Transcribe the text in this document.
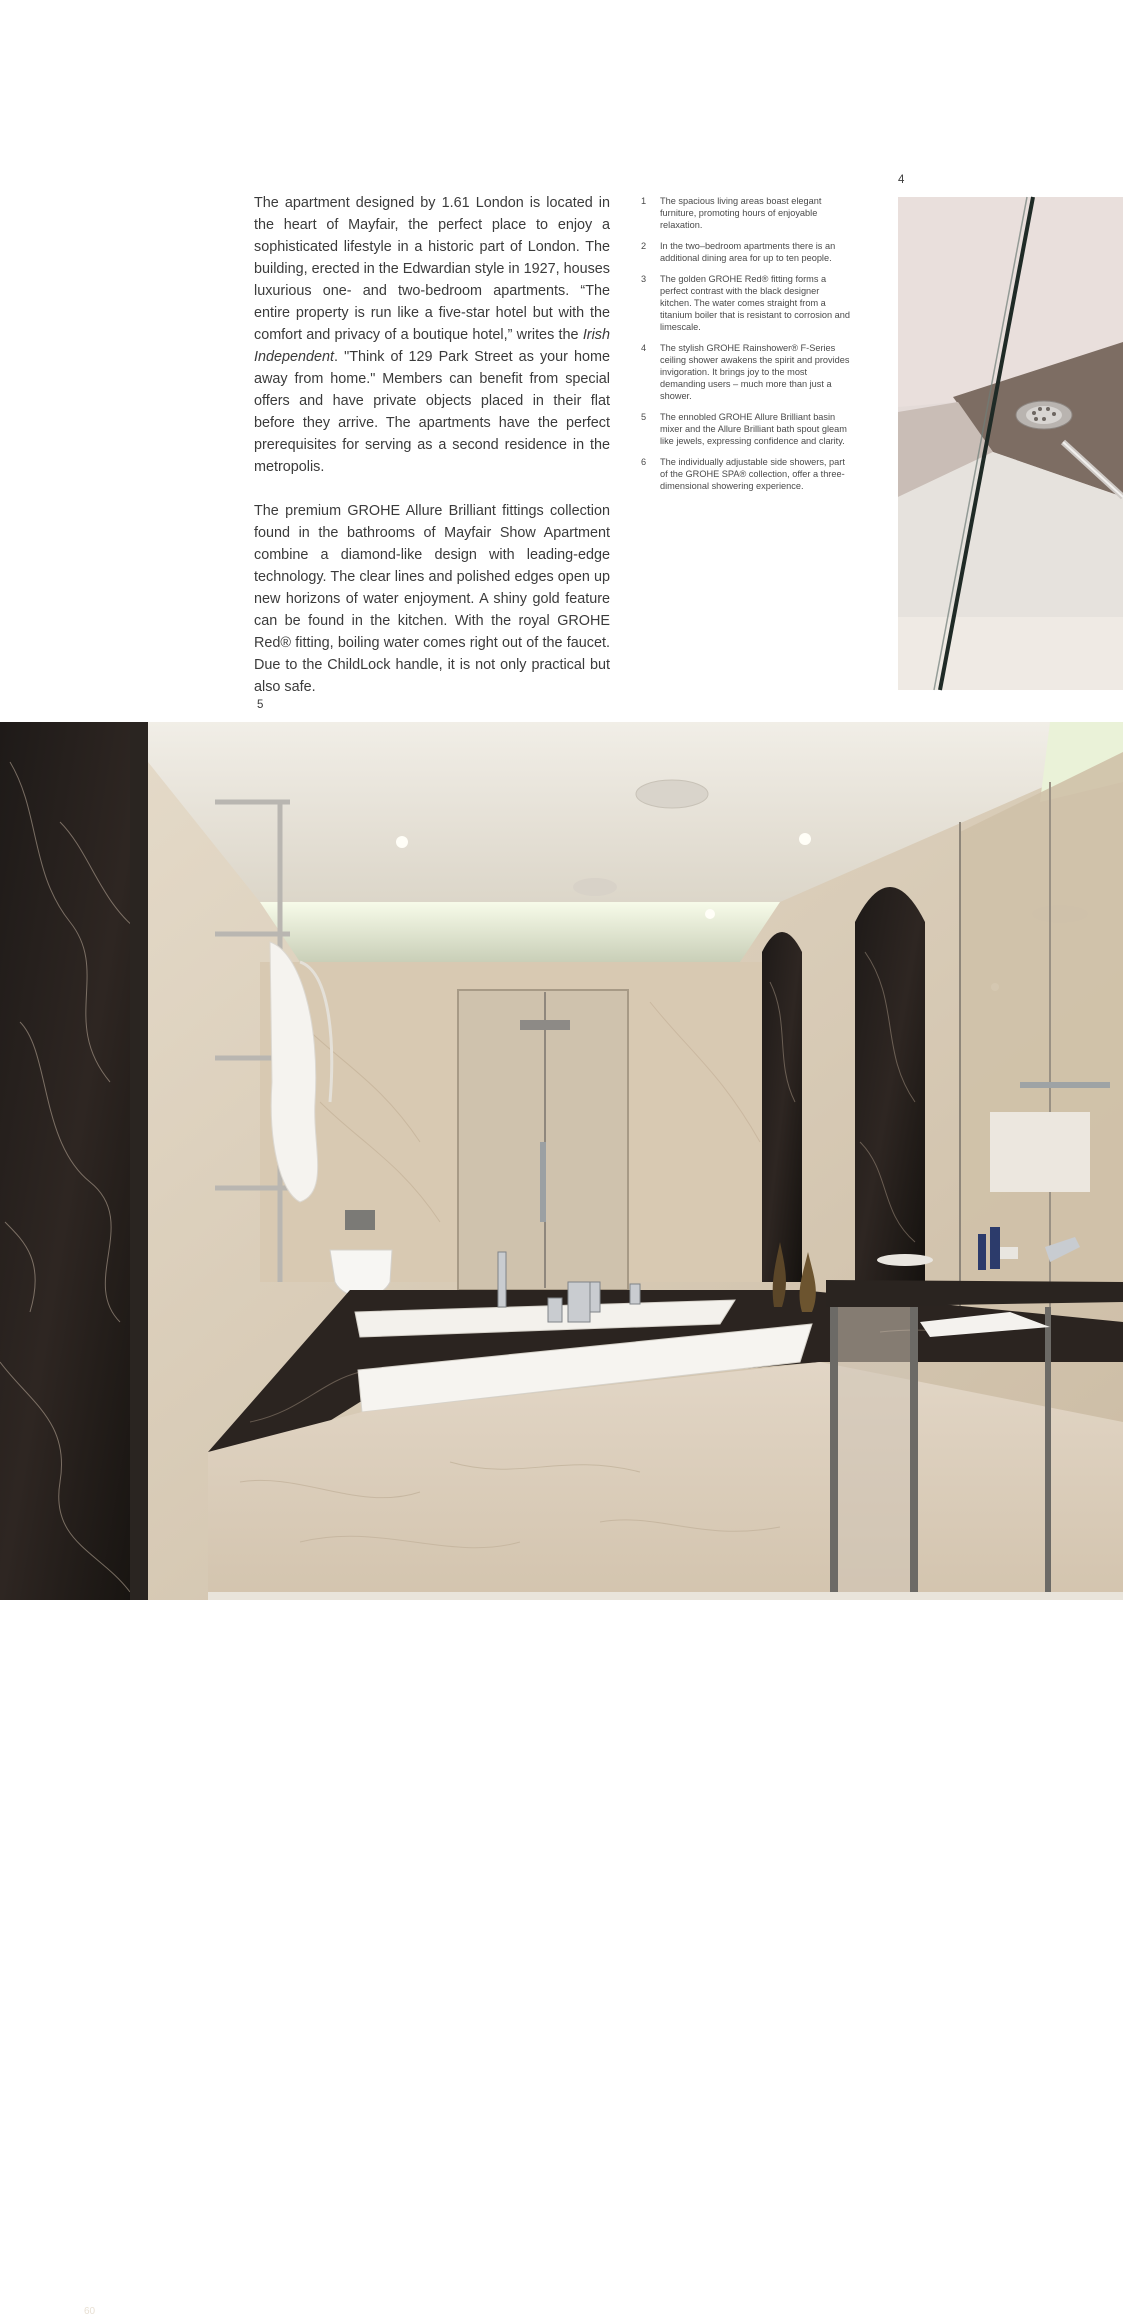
4

The apartment designed by 1.61 London is located in the heart of Mayfair, the perfect place to enjoy a sophisticated lifestyle in a historic part of London. The building, erected in the Edwardian style in 1927, houses luxurious one- and two-bedroom apartments. “The entire property is run like a five-star hotel but with the comfort and privacy of a boutique hotel,” writes the Irish Independent. "Think of 129 Park Street as your home away from home." Members can benefit from special offers and have private objects placed in their flat before they arrive. The apartments have the perfect prerequisites for serving as a second residence in the metropolis.

The premium GROHE Allure Brilliant fittings collection found in the bathrooms of Mayfair Show Apartment combine a diamond-like design with leading-edge technology. The clear lines and polished edges open up new horizons of water enjoyment. A shiny gold feature can be found in the kitchen. With the royal GROHE Red® fitting, boiling water comes right out of the faucet. Due to the ChildLock handle, it is not only practical but also safe.

5
1 The spacious living areas boast elegant furniture, promoting hours of enjoyable relaxation.
2 In the two–bedroom apartments there is an additional dining area for up to ten people.
3 The golden GROHE Red® fitting forms a perfect contrast with the black designer kitchen. The water comes straight from a titanium boiler that is resistant to corrosion and limescale.
4 The stylish GROHE Rainshower® F-Series ceiling shower awakens the spirit and provides invigoration. It brings joy to the most demanding users – much more than just a shower.
5 The ennobled GROHE Allure Brilliant basin mixer and the Allure Brilliant bath spout gleam like jewels, expressing confidence and clarity.
6 The individually adjustable side showers, part of the GROHE SPA® collection, offer a three-dimensional showering experience.
60
